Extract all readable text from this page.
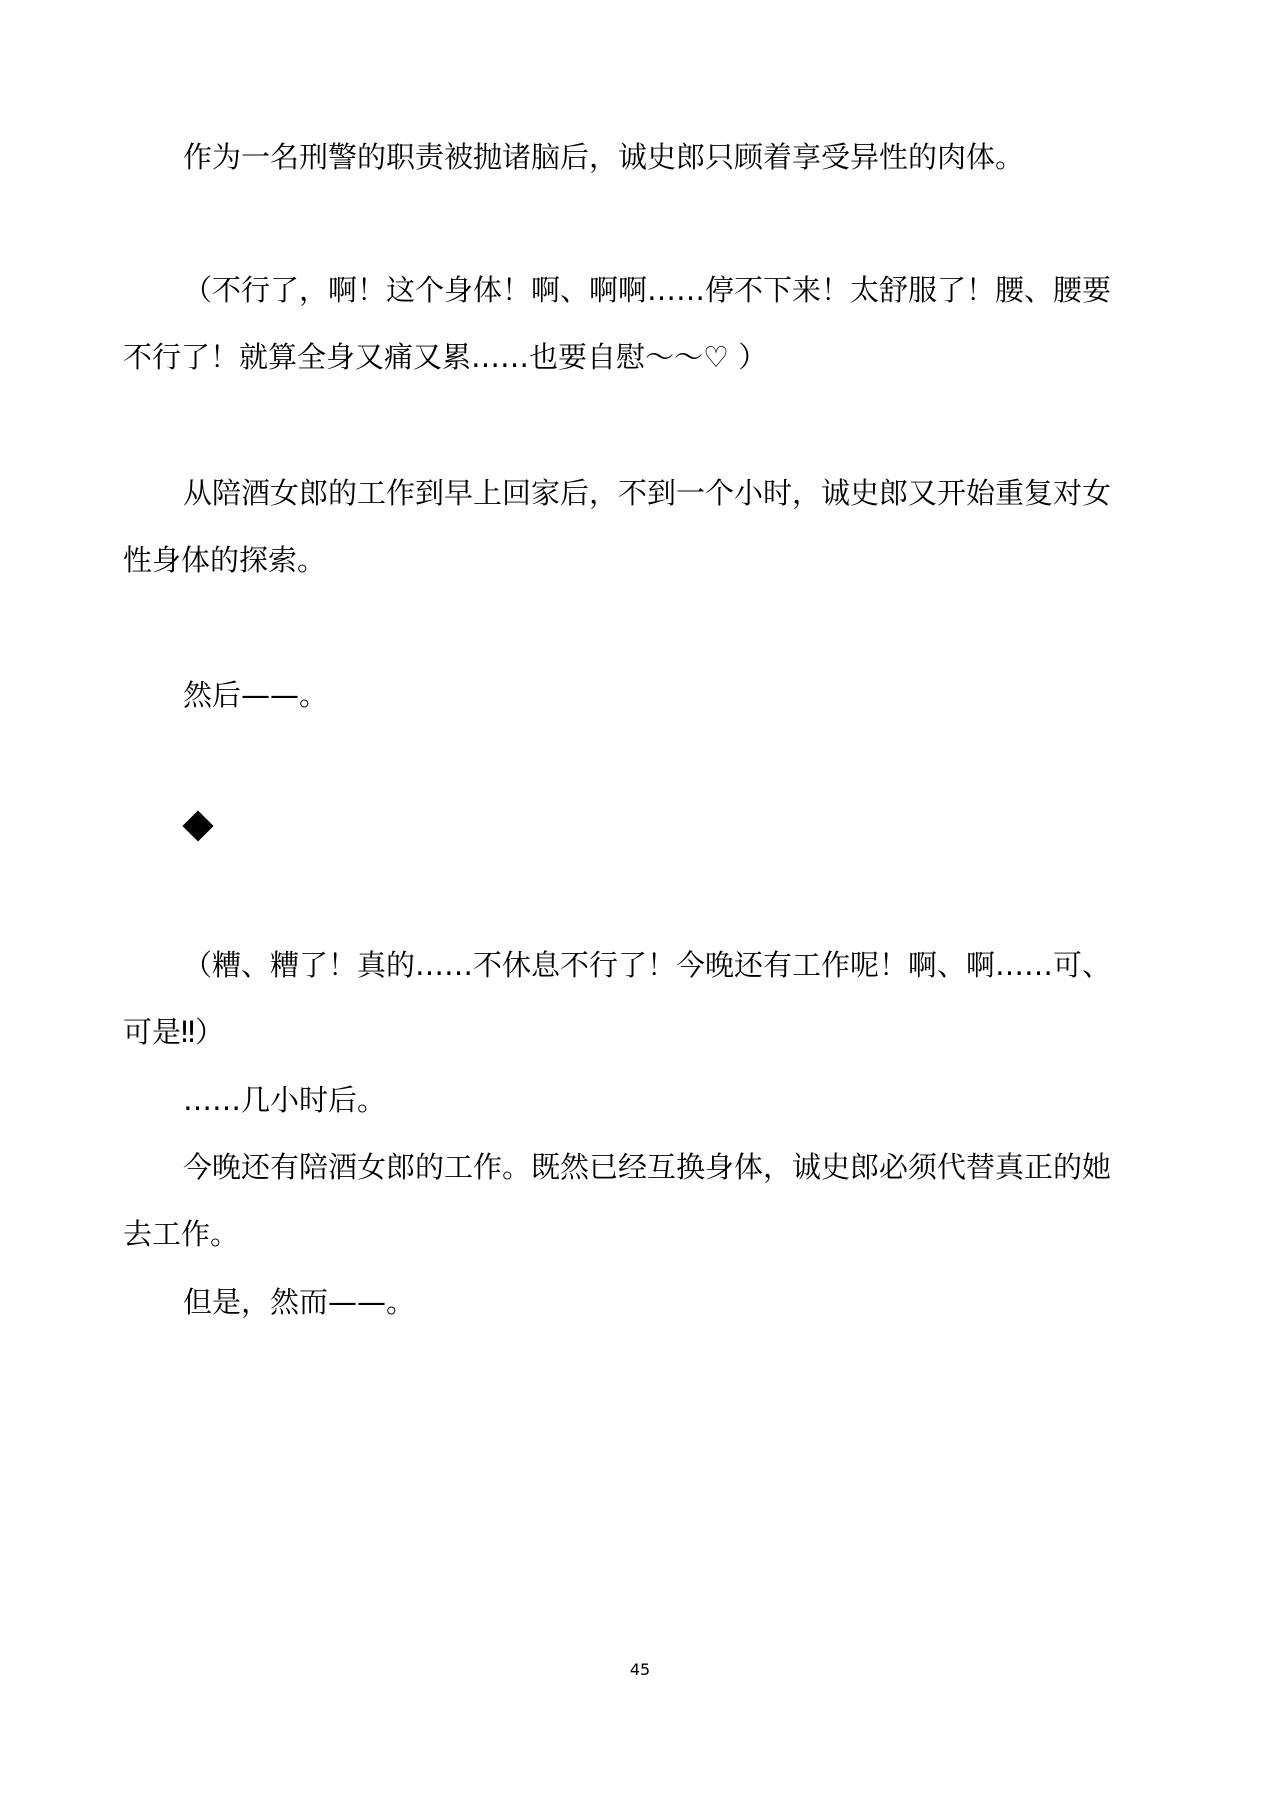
作为一名刑警的职责被抛诸脑后，诚史郎只顾着享受异性的肉体。
（不行了，啊！这个身体！啊、啊啊……停不下来！太舒服了！腰、腰要
不行了！就算全身又痛又累……也要自慰～～♡ ）
从陪酒女郎的工作到早上回家后，不到一个小时，诚史郎又开始重复对女
性身体的探索。
然后——。
（糟、糟了！真的……不休息不行了！今晚还有工作呢！啊、啊……可、
可是‼）
……几小时后。
今晚还有陪酒女郎的工作。既然已经互换身体，诚史郎必须代替真正的她
去工作。
但是，然而——。
45
